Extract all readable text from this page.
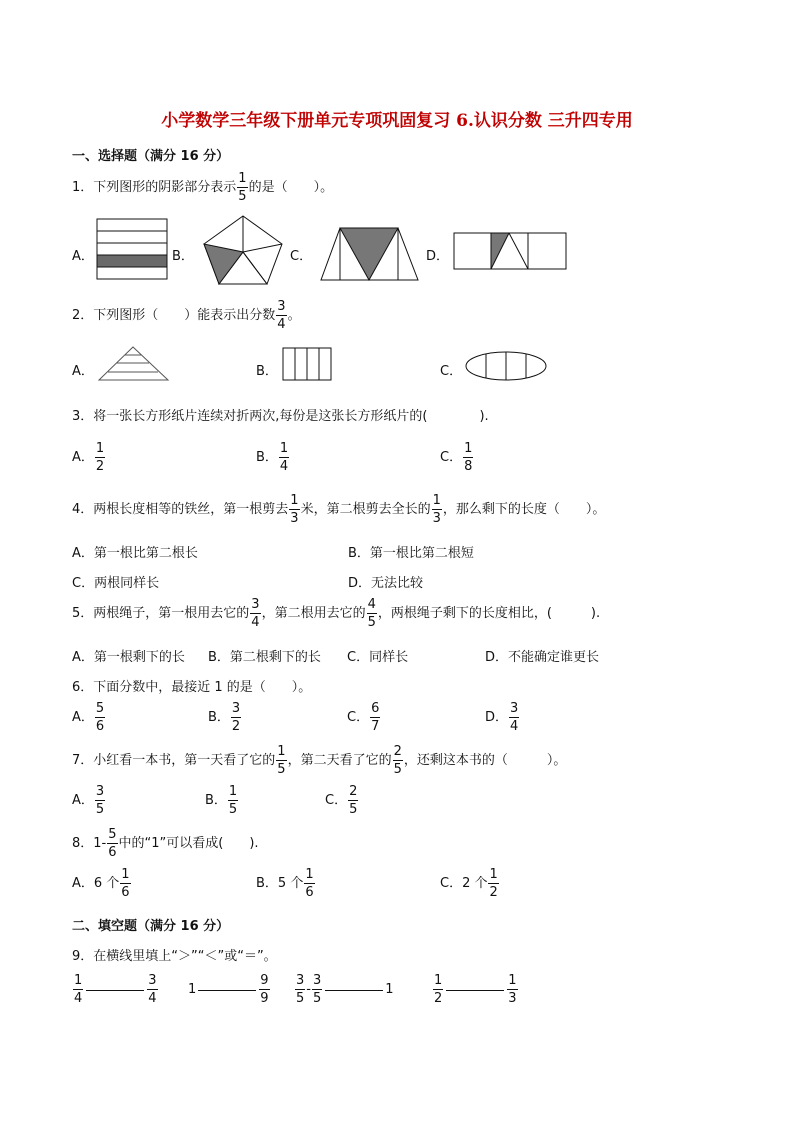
小学数学三年级下册单元专项巩固复习 6.认识分数 三升四专用
一、选择题（满分 16 分）
1．下列图形的阴影部分表示 $\frac{1}{5}$ 的是（　　）。
A．	B．	C．	D．
2．下列图形（　　）能表示出分数 $\frac{3}{4}$ 。
A．	B．	C．
3．将一张长方形纸片连续对折两次,每份是这张长方形纸片的(　　　　).
A． $\frac{1}{2}$	B． $\frac{1}{4}$	C． $\frac{1}{8}$
4．两根长度相等的铁丝，第一根剪去 $\frac{1}{3}$ 米，第二根剪去全长的 $\frac{1}{3}$ ，那么剩下的长度（　　）。
A．第一根比第二根长	B．第一根比第二根短
C．两根同样长	D．无法比较
5．两根绳子，第一根用去它的 $\frac{3}{4}$ ，第二根用去它的 $\frac{4}{5}$ ，两根绳子剩下的长度相比，(　　　).
A．第一根剩下的长 B．第二根剩下的长 C．同样长	D．不能确定谁更长
6．下面分数中，最接近 1 的是（　　）。
A． $\frac{5}{6}$	B． $\frac{3}{2}$	C． $\frac{6}{7}$	D． $\frac{3}{4}$
7．小红看一本书，第一天看了它的 $\frac{1}{5}$ ，第二天看了它的 $\frac{2}{5}$ ，还剩这本书的（　　　）。
A． $\frac{3}{5}$	B． $\frac{1}{5}$	C． $\frac{2}{5}$
8．$1- \frac{5}{6}$ 中的“1”可以看成(　　).
A．6 个 $\frac{1}{6}$	B．5 个 $\frac{1}{6}$	C．2 个 $\frac{1}{2}$
二、填空题（满分 16 分）
9．在横线里填上“＞”“＜”或“＝”。
$\frac{1}{4}$	$\frac{3}{4} 1$	$\frac{9}{9} \frac{3}{5} - \frac{3}{5}$	1	$\frac{1}{2}$	$\frac{1}{3}$
